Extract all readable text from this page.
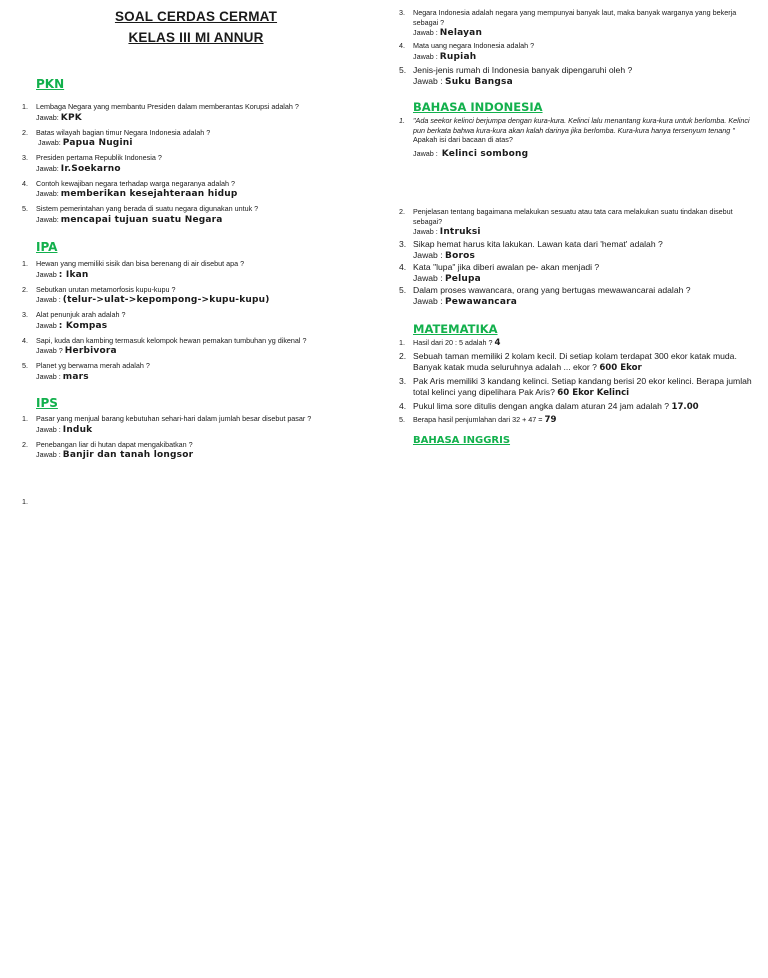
SOAL CERDAS CERMAT
KELAS III MI ANNUR
PKN
1. Lembaga Negara yang membantu Presiden dalam memberantas Korupsi adalah ?
Jawab: KPK
2. Batas wilayah bagian timur Negara Indonesia adalah ?
Jawab: Papua Nugini
3. Presiden pertama Republik Indonesia ?
Jawab: Ir.Soekarno
4. Contoh kewajiban negara terhadap warga negaranya adalah ?
Jawab: memberikan kesejahteraan hidup
5. Sistem pemerintahan yang berada di suatu negara digunakan untuk ?
Jawab: mencapai tujuan suatu Negara
IPA
1. Hewan yang memiliki sisik dan bisa berenang di air disebut apa ?
Jawab : Ikan
2. Sebutkan urutan metamorfosis kupu-kupu ?
Jawab : (telur->ulat->kepompong->kupu-kupu)
3. Alat penunjuk arah adalah ?
Jawab : Kompas
4. Sapi, kuda dan kambing termasuk kelompok hewan pemakan tumbuhan yg dikenal ?
Jawab ? Herbivora
5. Planet yg berwarna merah adalah ?
Jawab : mars
IPS
1. Pasar yang menjual barang kebutuhan sehari-hari dalam jumlah besar disebut pasar ?
Jawab : Induk
2. Penebangan liar di hutan dapat mengakibatkan ?
Jawab : Banjir dan tanah longsor
1.
3. Negara Indonesia adalah negara yang mempunyai banyak laut, maka banyak warganya yang bekerja sebagai ?
Jawab : Nelayan
4. Mata uang negara Indonesia adalah ?
Jawab : Rupiah
5. Jenis-jenis rumah di Indonesia banyak dipengaruhi oleh ?
Jawab : Suku Bangsa
BAHASA INDONESIA
1. "Ada seekor kelinci berjumpa dengan kura-kura. Kelinci lalu menantang kura-kura untuk berlomba. Kelinci pun berkata bahwa kura-kura akan kalah darinya jika berlomba. Kura-kura hanya tersenyum tenang "
Apakah isi dari bacaan di atas?
Jawab : Kelinci sombong
2. Penjelasan tentang bagaimana melakukan sesuatu atau tata cara melakukan suatu tindakan disebut sebagai?
Jawab : Intruksi
3. Sikap hemat harus kita lakukan. Lawan kata dari 'hemat' adalah ?
Jawab : Boros
4. Kata "lupa" jika diberi awalan pe- akan menjadi ?
Jawab : Pelupa
5. Dalam proses wawancara, orang yang bertugas mewawancarai adalah ?
Jawab : Pewawancara
MATEMATIKA
1. Hasil dari 20 : 5 adalah ? 4
2. Sebuah taman memiliki 2 kolam kecil. Di setiap kolam terdapat 300 ekor katak muda. Banyak katak muda seluruhnya adalah ... ekor ? 600 Ekor
3. Pak Aris memiliki 3 kandang kelinci. Setiap kandang berisi 20 ekor kelinci. Berapa jumlah total kelinci yang dipelihara Pak Aris? 60 Ekor Kelinci
4. Pukul lima sore ditulis dengan angka dalam aturan 24 jam adalah ? 17.00
5. Berapa hasil penjumlahan dari 32 + 47 = 79
BAHASA INGGRIS
